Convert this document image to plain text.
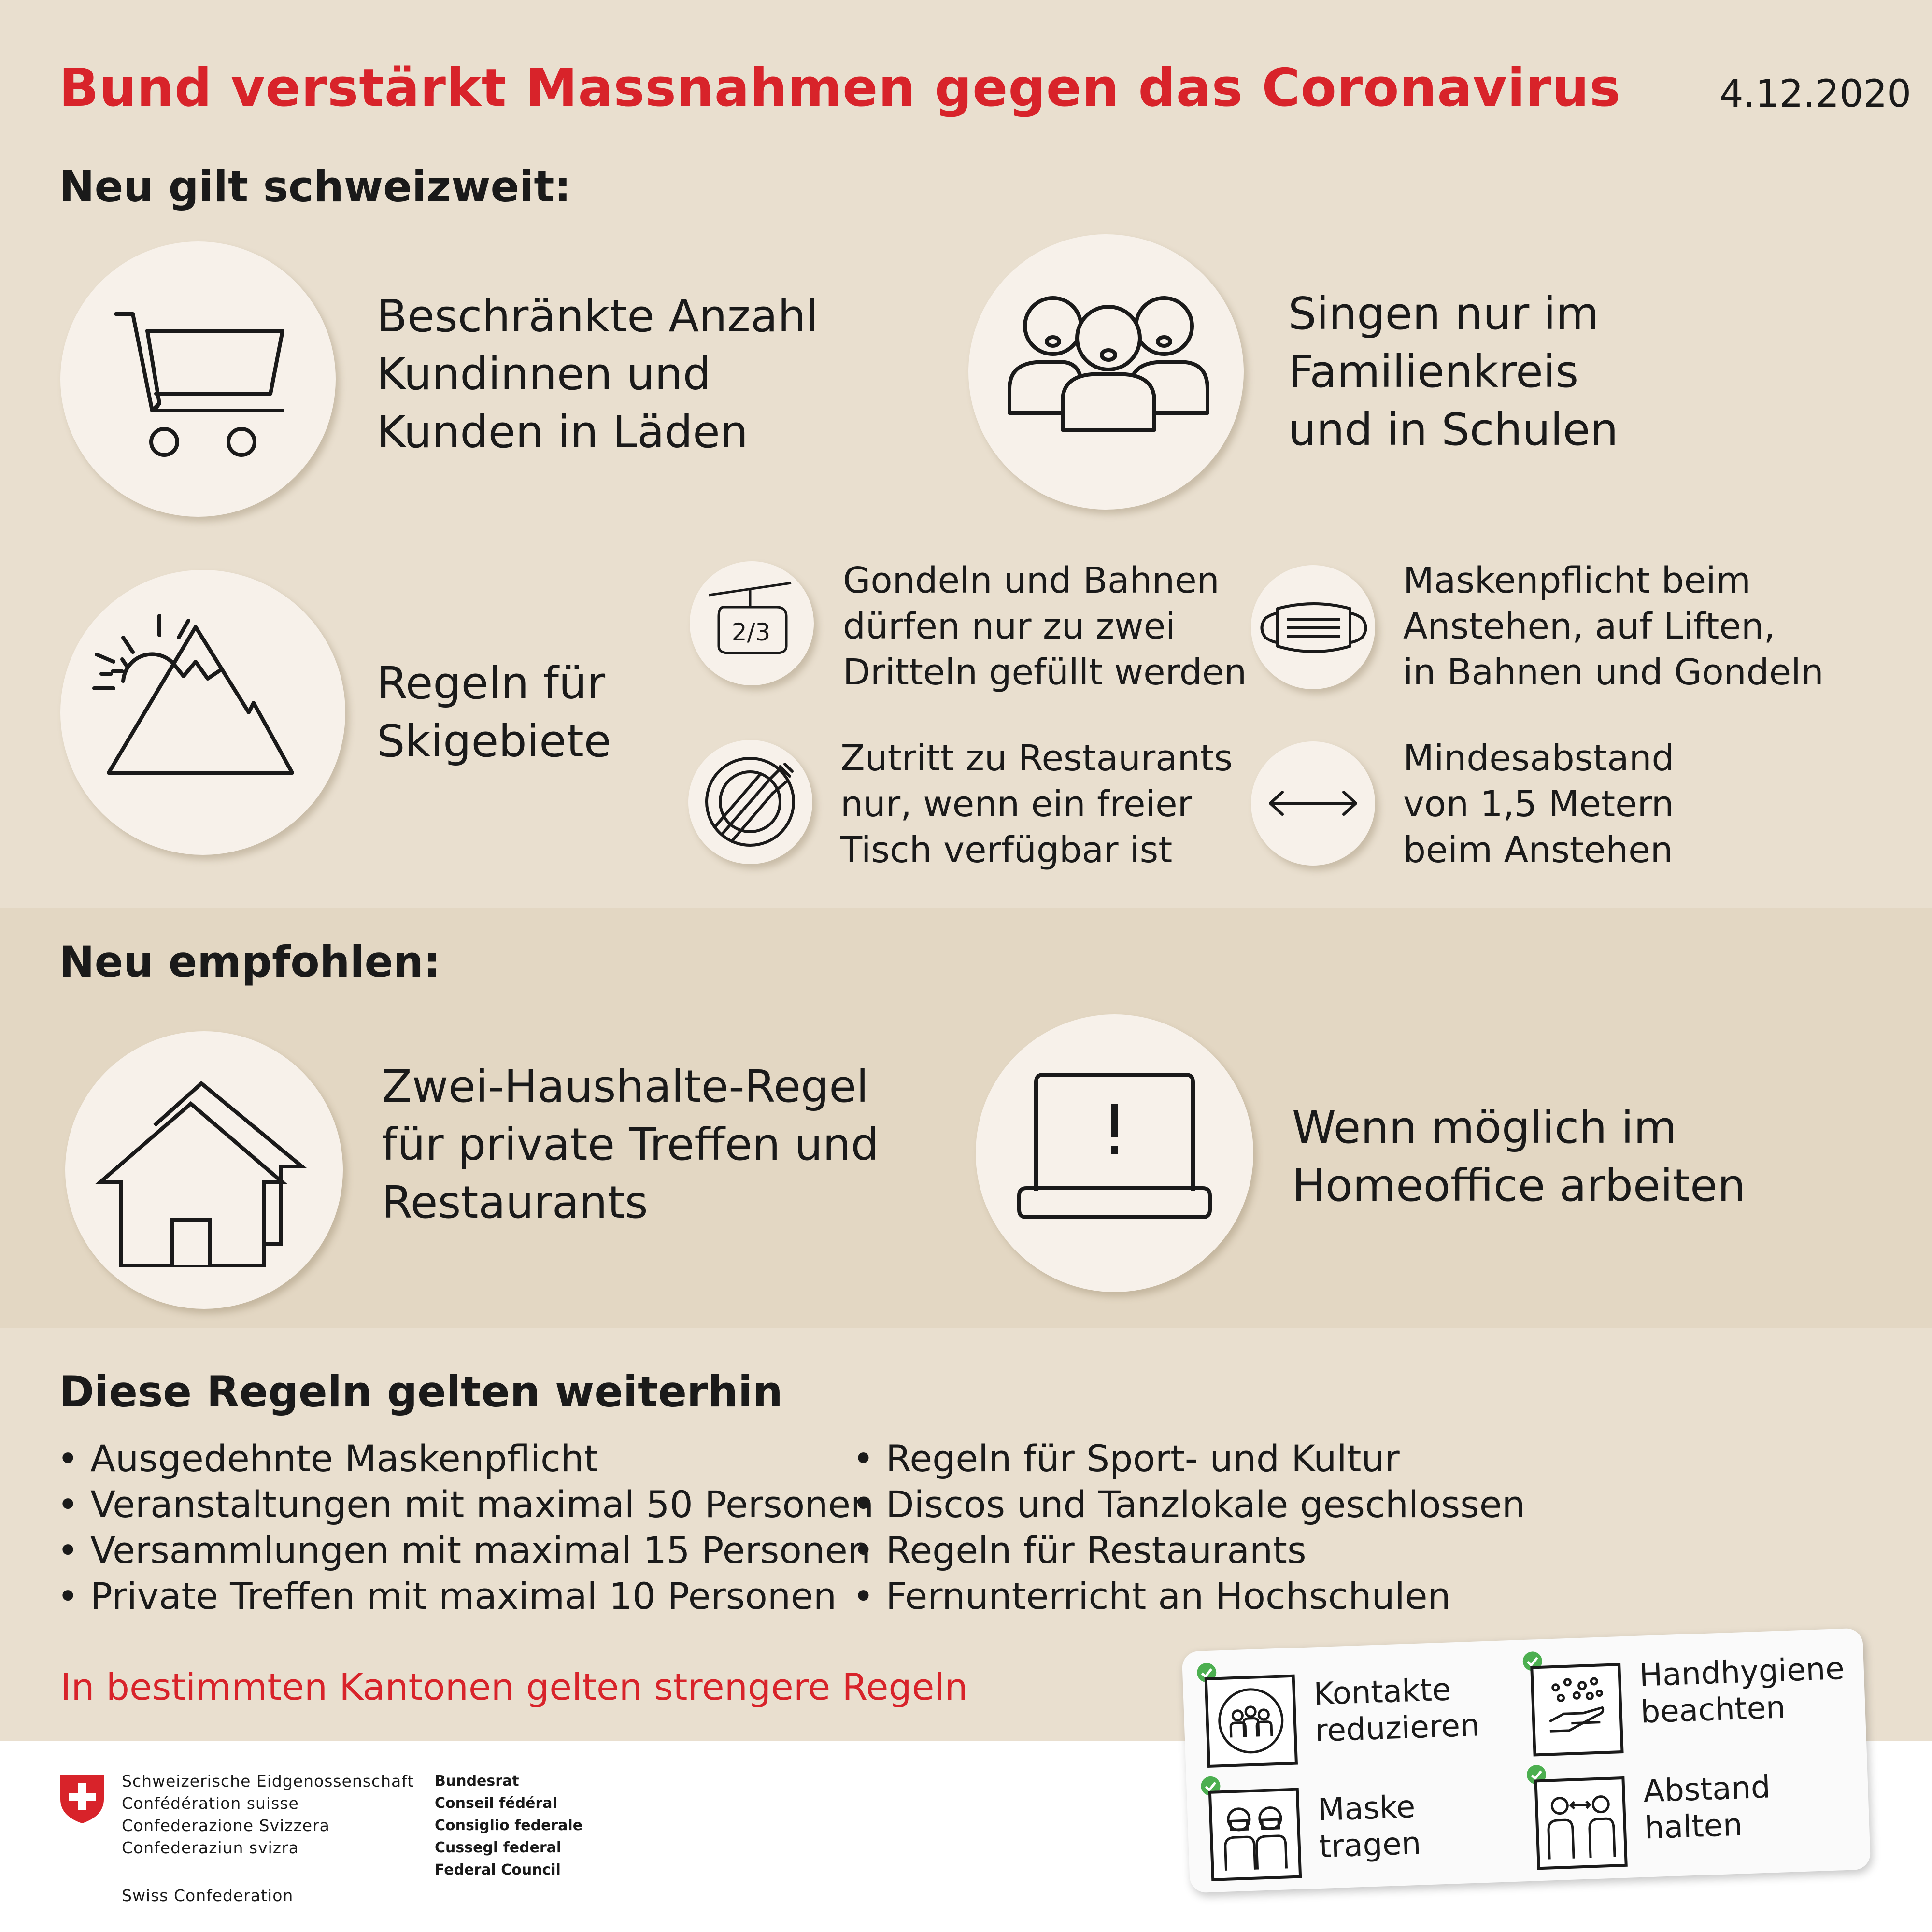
Bund verstärkt Massnahmen gegen das Coronavirus	4.12.2020
Neu gilt schweizweit:
Beschränkte Anzahl
Kundinnen und
Kunden in Läden
Singen nur im
Familienkreis
und in Schulen
Regeln für
Skigebiete
2/3
Gondeln und Bahnen
dürfen nur zu zwei
Dritteln gefüllt werden
Maskenpflicht beim
Anstehen, auf Liften,
in Bahnen und Gondeln
Zutritt zu Restaurants
nur, wenn ein freier
Tisch verfügbar ist
Mindesabstand
von 1,5 Metern
beim Anstehen
Neu empfohlen:
Zwei-Haushalte-Regel
für private Treffen und
Restaurants
Wenn möglich im
Homeoffice arbeiten
Diese Regeln gelten weiterhin
• Ausgedehnte Maskenpflicht
• Veranstaltungen mit maximal 50 Personen
• Versammlungen mit maximal 15 Personen
• Private Treffen mit maximal 10 Personen
• Regeln für Sport- und Kultur
• Discos und Tanzlokale geschlossen
• Regeln für Restaurants
• Fernunterricht an Hochschulen
In bestimmten Kantonen gelten strengere Regeln
Schweizerische Eidgenossenschaft
Confédération suisse
Confederazione Svizzera
Confederaziun svizra
Swiss Confederation
Bundesrat
Conseil fédéral
Consiglio federale
Cussegl federal
Federal Council
Kontakte
reduzieren
Handhygiene
beachten
Maske
tragen
Abstand
halten
